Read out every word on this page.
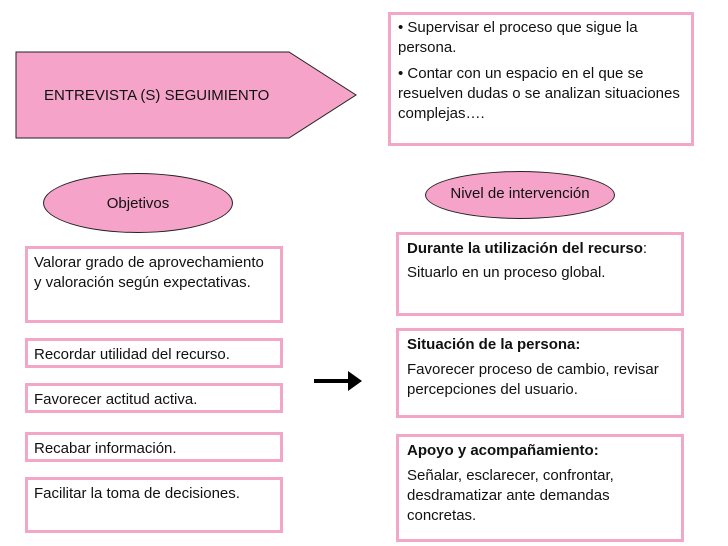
ENTREVISTA (S) SEGUIMIENTO

• Supervisar el proceso que sigue la persona.

• Contar con un espacio en el que se resuelven dudas o se analizan situaciones complejas….

Objetivos
Nivel de intervención

Valorar grado de aprovechamiento y valoración según expectativas.

Recordar utilidad del recurso.

Favorecer actitud activa.

Recabar información.

Facilitar la toma de decisiones.

Durante la utilización del recurso:

Situarlo en un proceso global.

Situación de la persona:

Favorecer proceso de cambio, revisar percepciones del usuario.

Apoyo y acompañamiento:

Señalar, esclarecer, confrontar, desdramatizar ante demandas concretas.
